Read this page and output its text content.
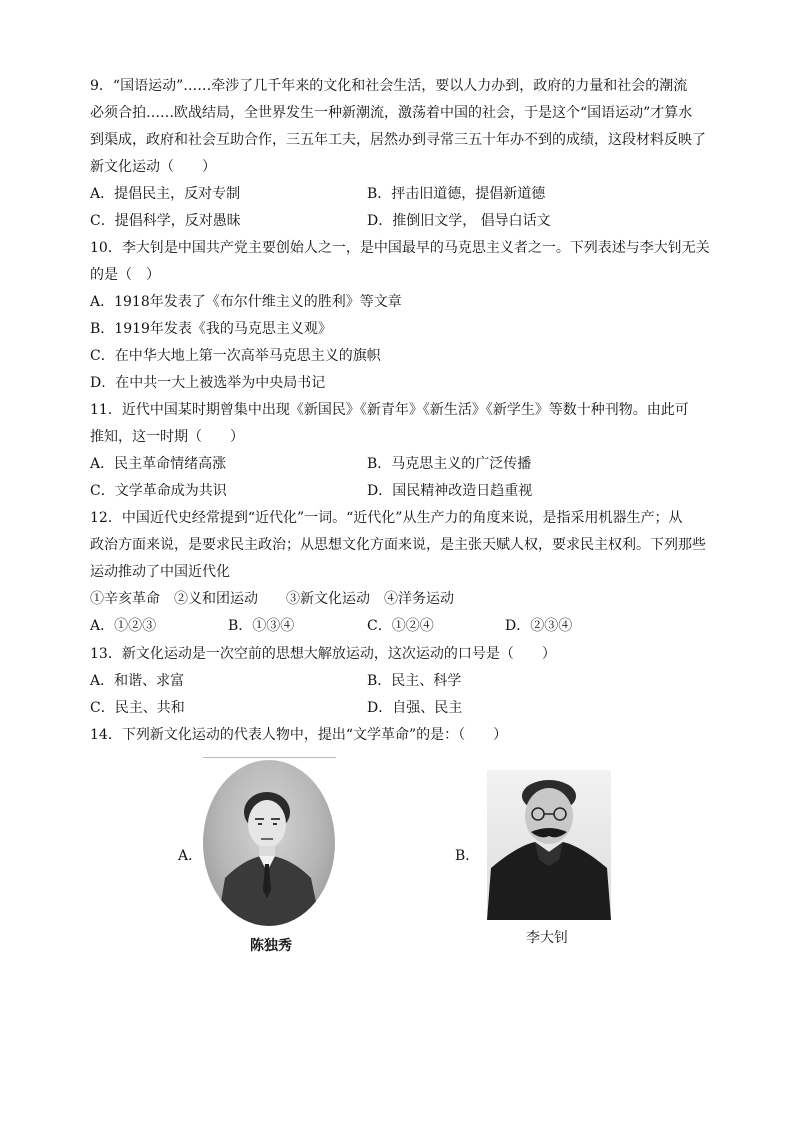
9．“国语运动”……牵涉了几千年来的文化和社会生活，要以人力办到，政府的力量和社会的潮流
必须合拍……欧战结局，全世界发生一种新潮流，激荡着中国的社会，于是这个“国语运动”才算水
到渠成，政府和社会互助合作，三五年工夫，居然办到寻常三五十年办不到的成绩，这段材料反映了
新文化运动（　　）
A．提倡民主，反对专制	B．抨击旧道德，提倡新道德
C．提倡科学，反对愚昧	D．推倒旧文学， 倡导白话文
10．李大钊是中国共产党主要创始人之一，是中国最早的马克思主义者之一。下列表述与李大钊无关
的是（　）
A．1918年发表了《布尔什维主义的胜利》等文章
B．1919年发表《我的马克思主义观》
C．在中华大地上第一次高举马克思主义的旗帜
D．在中共一大上被选举为中央局书记
11．近代中国某时期曾集中出现《新国民》《新青年》《新生活》《新学生》等数十种刊物。由此可
推知，这一时期（　　）
A．民主革命情绪高涨	B．马克思主义的广泛传播
C．文学革命成为共识	D．国民精神改造日趋重视
12．中国近代史经常提到“近代化”一词。“近代化”从生产力的角度来说，是指采用机器生产；从
政治方面来说，是要求民主政治；从思想文化方面来说，是主张天赋人权，要求民主权利。下列那些
运动推动了中国近代化
①辛亥革命　②义和团运动　　③新文化运动　④洋务运动
A．①②③	B．①③④	C．①②④	D．②③④
13．新文化运动是一次空前的思想大解放运动，这次运动的口号是（　　）
A．和谐、求富	B．民主、科学
C．民主、共和	D．自强、民主
14．下列新文化运动的代表人物中，提出“文学革命”的是：（　　）
A．	B．
陈独秀	李大钊
